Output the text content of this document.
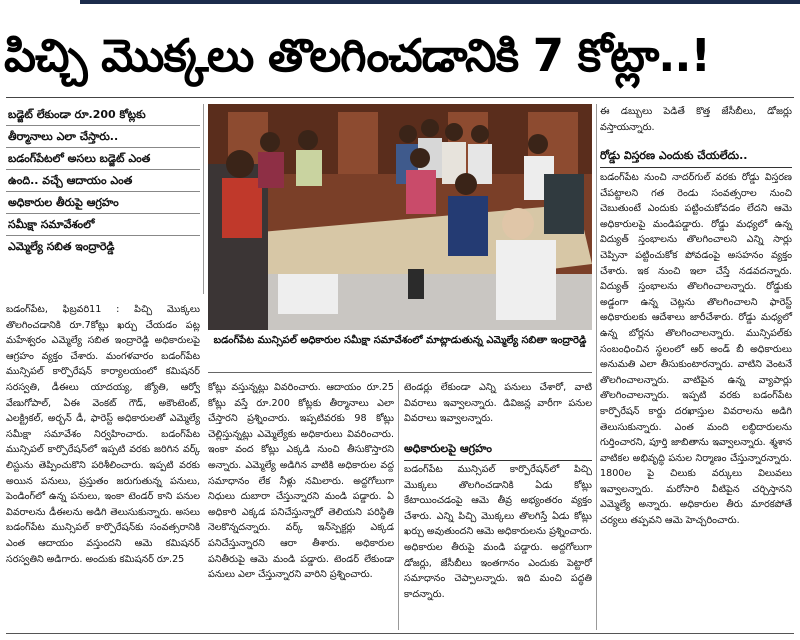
పిచ్చి మొక్కలు తొలగించడానికి 7 కోట్లా..!
బడ్జెట్ లేకుండా రూ.200 కోట్లకు
తీర్మానాలు ఎలా చేస్తారు..
బడంగ్‌పేటలో అసలు బడ్జెట్ ఎంత
ఉంది.. వచ్చే ఆదాయం ఎంత
అధికారుల తీరుపై ఆగ్రహం
సమీక్షా సమావేశంలో
ఎమ్మెల్యే సబిత ఇంద్రారెడ్డి

బడంగ్‌పేట, ఫిబ్రవరి11 : పిచ్చి మొక్కలు తొలగించడానికి రూ.7కోట్లు ఖర్చు చేయడం పట్ల మహేశ్వరం ఎమ్మెల్యే సబిత ఇంద్రారెడ్డి అధికారులపై ఆగ్రహం వ్యక్తం చేశారు. మంగళవారం బడంగ్‌పేట మున్సిపల్ కార్పొరేషన్ కార్యాలయంలో కమిషనర్ సరస్వతి, డీఈలు యాదయ్య, జ్యోతి, ఆర్వో వేణుగోపాల్, ఏఈ వెంకట్ గౌడ్, అకౌంటెంట్, ఎలక్ట్రికల్, అర్బన్ డీ, ఫారెస్ట్ అధికారులతో ఎమ్మెల్యే సమీక్షా సమావేశం నిర్వహించారు. బడంగ్‌పేట మున్సిపల్ కార్పొరేషన్‌లో ఇప్పటి వరకు జరిగిన వర్క్ లిస్టును తెప్పించుకొని పరిశీలించారు. ఇప్పటి వరకు అయిన పనులు, ప్రస్తుతం జరుగుతున్న పనులు, పెండింగ్‌లో ఉన్న పనులు, ఇంకా టెండర్ కాని పనుల వివరాలను డీఈలను అడిగి తెలుసుకున్నారు. అసలు బడంగ్‌పేట మున్సిపల్ కార్పొరేషన్‌కు సంవత్సరానికి ఎంత ఆదాయం వస్తుందని ఆమె కమిషనర్ సరస్వతిని అడిగారు. అందుకు కమిషనర్ రూ.25

బడంగ్‌పేట మున్సిపల్ అధికారుల సమీక్షా సమావేశంలో మాట్లాడుతున్న ఎమ్మెల్యే సబితా ఇంద్రారెడ్డి

కోట్లు వస్తున్నట్లు వివరించారు. ఆదాయం రూ.25 కోట్లు వస్తే రూ.200 కోట్లకు తీర్మానాలు ఎలా చేస్తారని ప్రశ్నించారు. ఇప్పటివరకు 98 కోట్లు చెల్లిస్తున్నట్లు ఎమ్మెల్యేకు అధికారులు వివరించారు. ఇంకా వంద కోట్లు ఎక్కడి నుంచి తీసుకొస్తారని అన్నారు. ఎమ్మెల్యే అడిగిన వాటికి అధికారుల వద్ద సమాధానం లేక నీళ్లు నమిలారు. అద్దగోలుగా నిధులు దుబారా చేస్తున్నారని మండి పడ్డారు. ఏ అధికారి ఎక్కడ పనిచేస్తున్నారో తెలియని పరిస్థితి నెలకొన్నదన్నారు. వర్క్ ఇన్‌స్పెక్టర్లు ఎక్కడ పనిచేస్తున్నారని ఆరా తీశారు. అధికారుల పనితీరుపై ఆమె మండి పడ్డారు. టెండర్ లేకుండా పనులు ఎలా చేస్తున్నారని వారిని ప్రశ్నించారు.

టెండర్లు లేకుండా ఎన్ని పనులు చేశారో, వాటి వివరాలు ఇవ్వాలన్నారు. డివిజన్ల వారీగా పనుల వివరాలు ఇవ్వాలన్నారు.

అధికారులపై ఆగ్రహం

బడంగ్‌పేట మున్సిపల్ కార్పొరేషన్‌లో పిచ్చి మొక్కలు తొలగించడానికి ఏడు కోట్లు కేటాయించడంపై ఆమె తీవ్ర అభ్యంతరం వ్యక్తం చేశారు. ఎన్ని పిచ్చి మొక్కలు తొలగిస్తే ఏడు కోట్లు ఖర్చు అవుతుందని ఆమె అధికారులను ప్రశ్నించారు. అధికారుల తీరుపై మండి పడ్డారు. అద్దగోలుగా డోజర్లు, జేసీబీలు ఇంతగానం ఎందుకు పెట్టారో సమాధానం చెప్పాలన్నారు. ఇది మంచి పద్ధతి కాదన్నారు.

ఈ డబ్బులు పెడితే కొత్త జేసీబీలు, డోజర్లు వస్తాయన్నారు.

రోడ్డు విస్తరణ ఎందుకు చేయలేదు..

బడంగ్‌పేట నుంచి నాదర్‌గుల్ వరకు రోడ్డు విస్తరణ చేపట్టాలని గత రెండు సంవత్సరాల నుంచి చెబుతుంటే ఎందుకు పట్టించుకోవడం లేదని ఆమె అధికారులపై మండిపడ్డారు. రోడ్డు మధ్యలో ఉన్న విద్యుత్ స్తంభాలను తొలగించాలని ఎన్ని సార్లు చెప్పినా పట్టించుకోక పోవడంపై అసహనం వ్యక్తం చేశారు. ఇక నుంచి ఇలా చేస్తే నడవదన్నారు. విద్యుత్ స్తంభాలను తొలగించాలన్నారు. రోడ్డుకు అడ్డంగా ఉన్న చెట్లను తొలగించాలని ఫారెస్ట్ అధికారులకు ఆదేశాలు జారీచేశారు. రోడ్డు మధ్యలో ఉన్న బోర్లను తొలగించాలన్నారు. మున్సిపల్‌కు సంబంధించిన స్థలంలో ఆర్ అండ్ బీ అధికారులు అనుమతి ఎలా తీసుకుంటారన్నారు. వాటిని వెంటనే తొలగించాలన్నారు. వాటిపైన ఉన్న వ్యాపార్లు తొలగించాలన్నారు. ఇప్పటి వరకు బడంగ్‌పేట కార్పొరేషన్ కార్డు దరఖాస్తుల వివరాలను అడిగి తెలుసుకున్నారు. ఎంత మంది లబ్ధిదారులను గుర్తించారని, పూర్తి జాబితాను ఇవ్వాలన్నారు. శ్మశాన వాటికల అభివృద్ధి పనుల నిర్మాణం చేస్తున్నారన్నారు. 1800ల పై చిలుకు వర్కులు విలువలు ఇవ్వాలన్నారు. మరోసారి వీటిపైన చర్చిస్తానని ఎమ్మెల్యే అన్నారు. అధికారుల తీరు మారకపోతే చర్యలు తప్పవని ఆమె హెచ్చరించారు.
